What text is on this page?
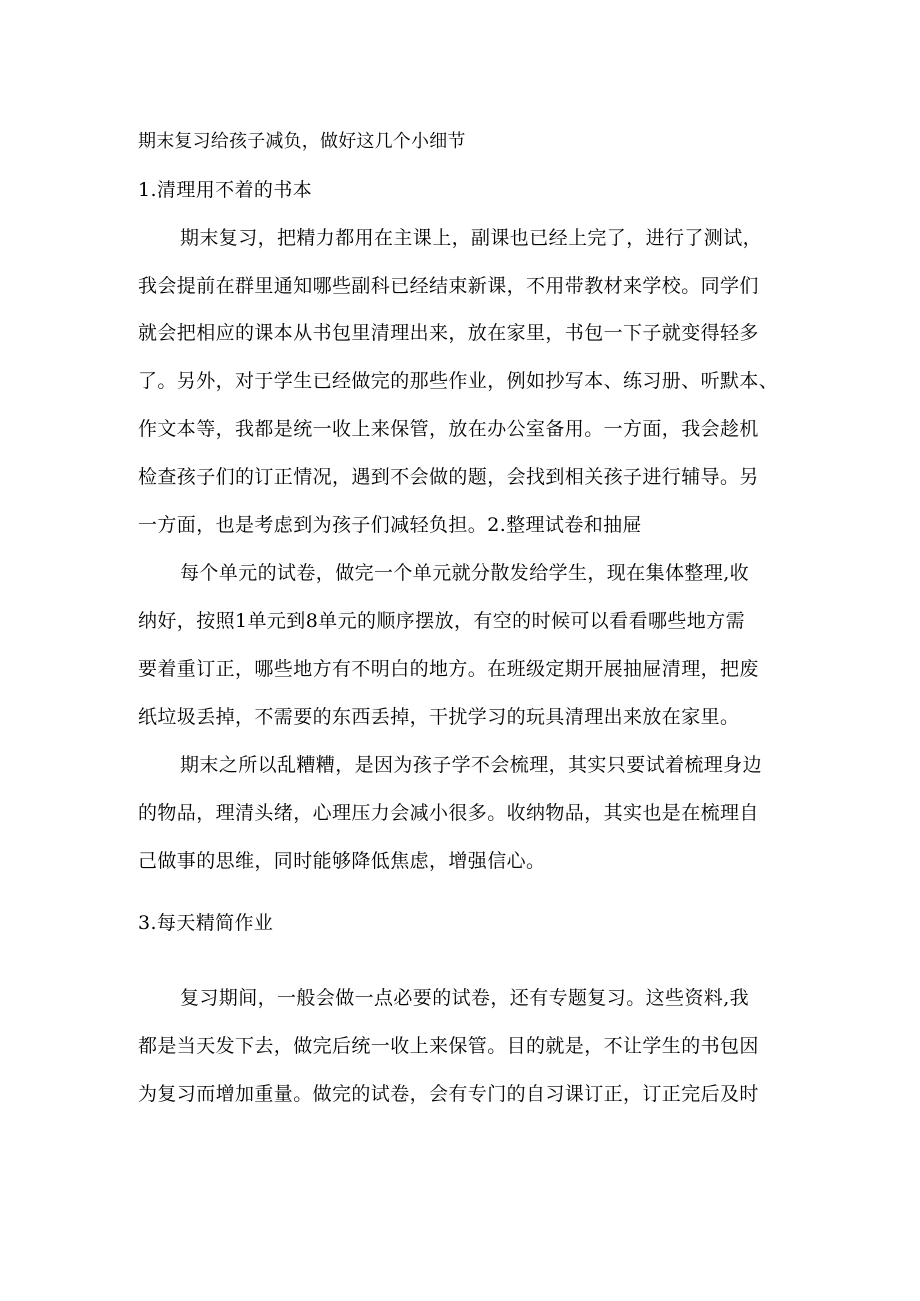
期末复习给孩子减负，做好这几个小细节
1.清理用不着的书本
期末复习，把精力都用在主课上，副课也已经上完了，进行了测试，
我会提前在群里通知哪些副科已经结束新课，不用带教材来学校。同学们
就会把相应的课本从书包里清理出来，放在家里，书包一下子就变得轻多
了。另外，对于学生已经做完的那些作业，例如抄写本、练习册、听默本、
作文本等，我都是统一收上来保管，放在办公室备用。一方面，我会趁机
检查孩子们的订正情况，遇到不会做的题，会找到相关孩子进行辅导。另
一方面，也是考虑到为孩子们减轻负担。2.整理试卷和抽屉
每个单元的试卷，做完一个单元就分散发给学生，现在集体整理,收
纳好，按照1单元到8单元的顺序摆放，有空的时候可以看看哪些地方需
要着重订正，哪些地方有不明白的地方。在班级定期开展抽屉清理，把废
纸垃圾丢掉，不需要的东西丢掉，干扰学习的玩具清理出来放在家里。
期末之所以乱糟糟，是因为孩子学不会梳理，其实只要试着梳理身边
的物品，理清头绪，心理压力会减小很多。收纳物品，其实也是在梳理自
己做事的思维，同时能够降低焦虑，增强信心。
3.每天精简作业
复习期间，一般会做一点必要的试卷，还有专题复习。这些资料,我
都是当天发下去，做完后统一收上来保管。目的就是，不让学生的书包因
为复习而增加重量。做完的试卷，会有专门的自习课订正，订正完后及时
